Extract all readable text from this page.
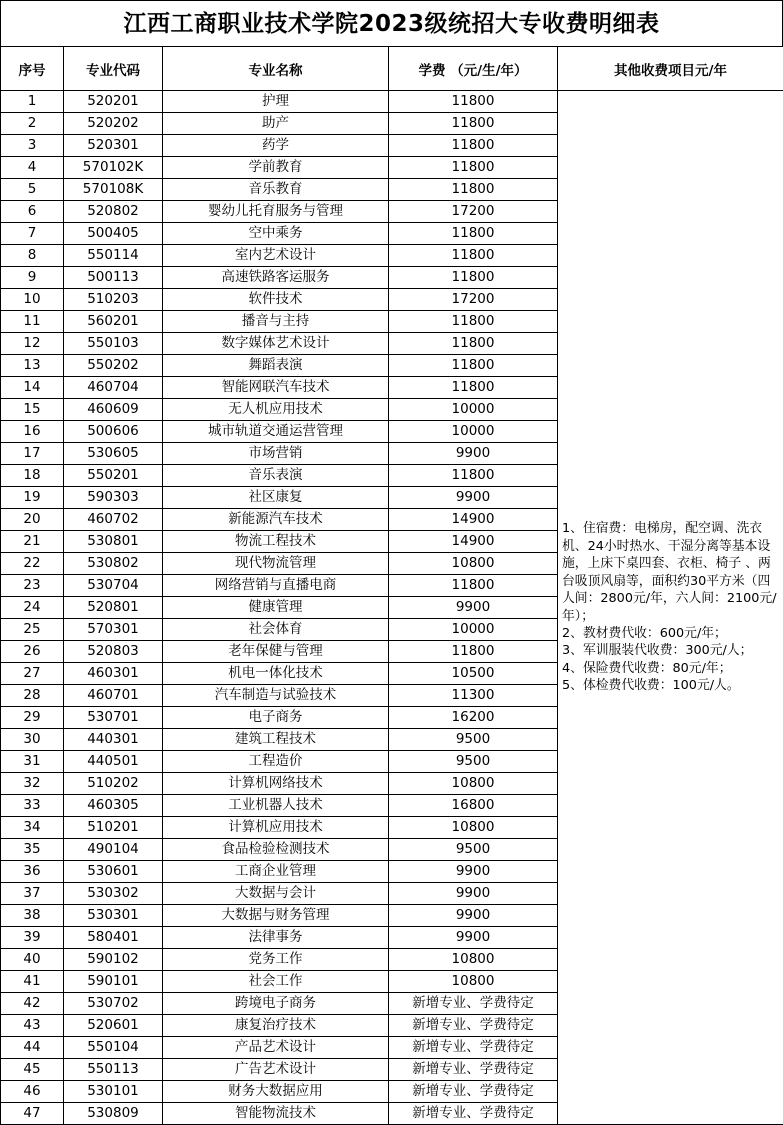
江西工商职业技术学院2023级统招大专收费明细表
序号	专业代码	专业名称	学费 （元/生/年）	其他收费项目元/年
1	520201	护理	11800	1、住宿费：电梯房，配空调、洗衣机、24小时热水、干湿分离等基本设施，上床下桌四套、衣柜、椅子 、两台吸顶风扇等，面积约30平方米（四人间：2800元/年，六人间：2100元/年）；
2、教材费代收：600元/年；
3、军训服装代收费：300元/人；
4、保险费代收费：80元/年；
5、体检费代收费：100元/人。
2	520202	助产	11800	
3	520301	药学	11800	
4	570102K	学前教育	11800	
5	570108K	音乐教育	11800	
6	520802	婴幼儿托育服务与管理	17200	
7	500405	空中乘务	11800	
8	550114	室内艺术设计	11800	
9	500113	高速铁路客运服务	11800	
10	510203	软件技术	17200	
11	560201	播音与主持	11800	
12	550103	数字媒体艺术设计	11800	
13	550202	舞蹈表演	11800	
14	460704	智能网联汽车技术	11800	
15	460609	无人机应用技术	10000	
16	500606	城市轨道交通运营管理	10000	
17	530605	市场营销	9900	
18	550201	音乐表演	11800	
19	590303	社区康复	9900	
20	460702	新能源汽车技术	14900	
21	530801	物流工程技术	14900	
22	530802	现代物流管理	10800	
23	530704	网络营销与直播电商	11800	
24	520801	健康管理	9900	
25	570301	社会体育	10000	
26	520803	老年保健与管理	11800	
27	460301	机电一体化技术	10500	
28	460701	汽车制造与试验技术	11300	
29	530701	电子商务	16200	
30	440301	建筑工程技术	9500	
31	440501	工程造价	9500	
32	510202	计算机网络技术	10800	
33	460305	工业机器人技术	16800	
34	510201	计算机应用技术	10800	
35	490104	食品检验检测技术	9500	
36	530601	工商企业管理	9900	
37	530302	大数据与会计	9900	
38	530301	大数据与财务管理	9900	
39	580401	法律事务	9900	
40	590102	党务工作	10800	
41	590101	社会工作	10800	
42	530702	跨境电子商务	新增专业、学费待定	
43	520601	康复治疗技术	新增专业、学费待定	
44	550104	产品艺术设计	新增专业、学费待定	
45	550113	广告艺术设计	新增专业、学费待定	
46	530101	财务大数据应用	新增专业、学费待定	
47	530809	智能物流技术	新增专业、学费待定	
